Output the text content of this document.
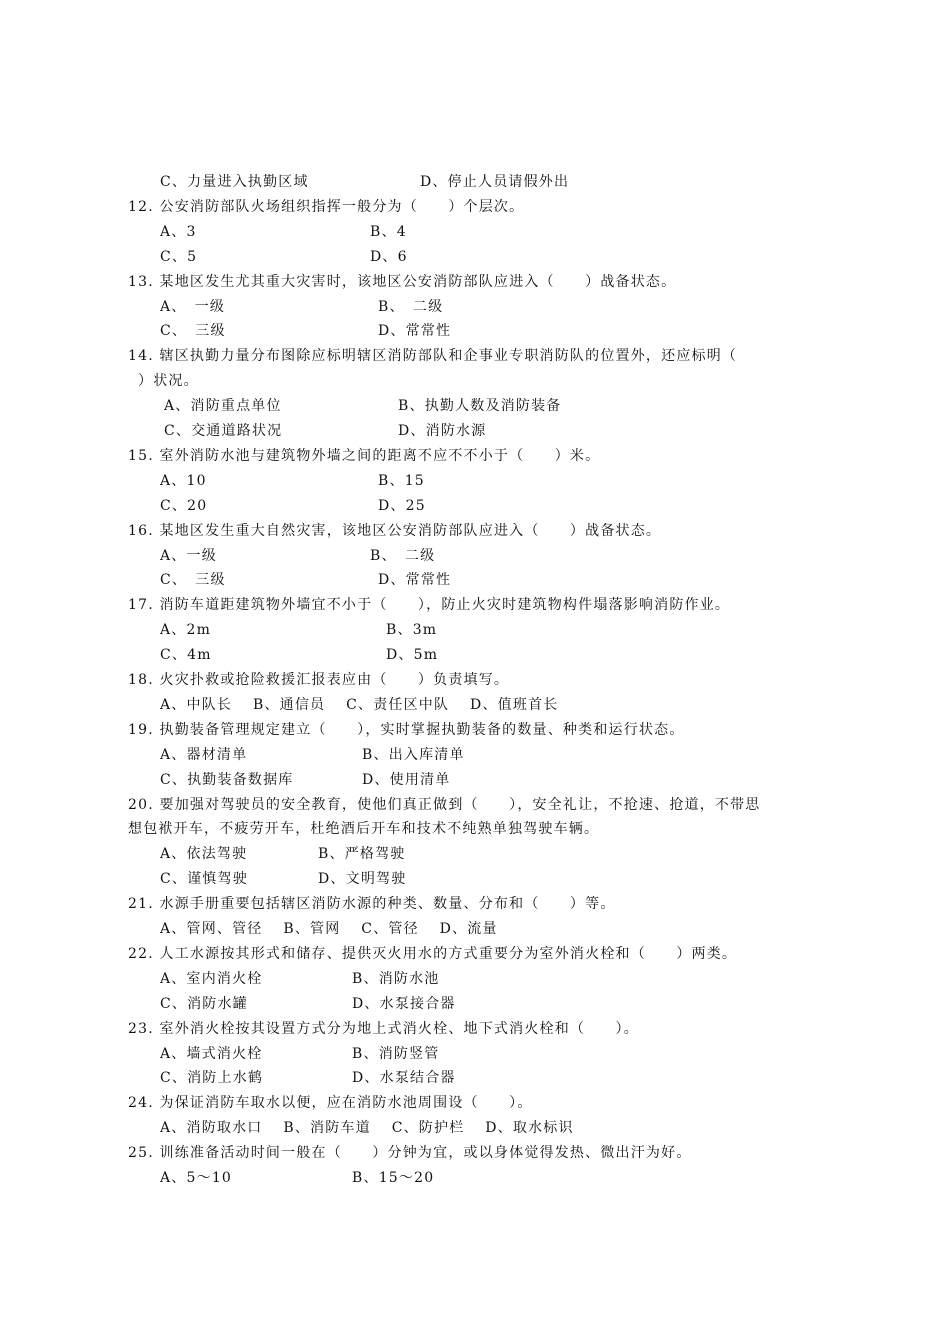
C、力量进入执勤区域	D、停止人员请假外出
12. 公安消防部队火场组织指挥一般分为（　　）个层次。
A、3	B、4
C、5	D、6
13. 某地区发生尤其重大灾害时，该地区公安消防部队应进入（　　）战备状态。
A、　一级	B、　二级
C、　三级	D、常常性
14. 辖区执勤力量分布图除应标明辖区消防部队和企事业专职消防队的位置外，还应标明（
）状况。
A、消防重点单位	B、执勤人数及消防装备
C、交通道路状况	D、消防水源
15. 室外消防水池与建筑物外墙之间的距离不应不不小于（　　）米。
A、10	B、15
C、20	D、25
16. 某地区发生重大自然灾害，该地区公安消防部队应进入（　　）战备状态。
A、一级	B、　二级
C、　三级	D、常常性
17. 消防车道距建筑物外墙宜不小于（　　），防止火灾时建筑物构件塌落影响消防作业。
A、2m	B、3m
C、4m	D、5m
18. 火灾扑救或抢险救援汇报表应由（　　）负责填写。
A、中队长　 B、通信员　 C、责任区中队　 D、值班首长
19. 执勤装备管理规定建立（　　），实时掌握执勤装备的数量、种类和运行状态。
A、器材清单	B、出入库清单
C、执勤装备数据库	D、使用清单
20. 要加强对驾驶员的安全教育，使他们真正做到（　　），安全礼让，不抢速、抢道，不带思
想包袱开车，不疲劳开车，杜绝酒后开车和技术不纯熟单独驾驶车辆。
A、依法驾驶	B、严格驾驶
C、谨慎驾驶	D、文明驾驶
21. 水源手册重要包括辖区消防水源的种类、数量、分布和（　　）等。
A、管网、管径　 B、管网　 C、管径　 D、流量
22. 人工水源按其形式和储存、提供灭火用水的方式重要分为室外消火栓和（　　）两类。
A、室内消火栓	B、消防水池
C、消防水罐	D、水泵接合器
23. 室外消火栓按其设置方式分为地上式消火栓、地下式消火栓和（　　）。
A、墙式消火栓	B、消防竖管
C、消防上水鹤	D、水泵结合器
24. 为保证消防车取水以便，应在消防水池周围设（　　）。
A、消防取水口　 B、消防车道　 C、防护栏　 D、取水标识
25. 训练准备活动时间一般在（　　）分钟为宜，或以身体觉得发热、微出汗为好。
A、5～10	B、15～20
